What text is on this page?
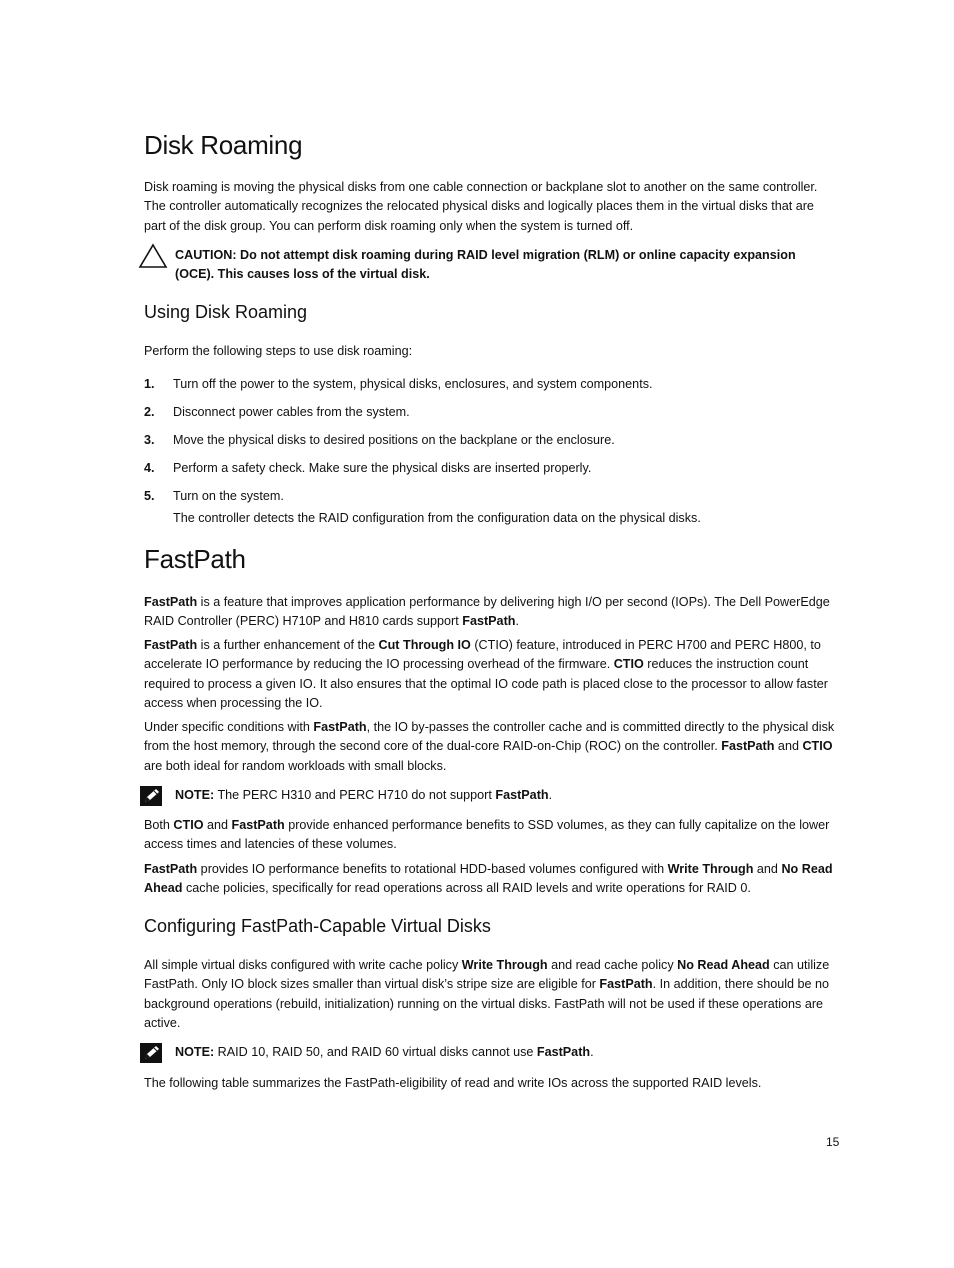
Disk Roaming

Disk roaming is moving the physical disks from one cable connection or backplane slot to another on the same controller. The controller automatically recognizes the relocated physical disks and logically places them in the virtual disks that are part of the disk group. You can perform disk roaming only when the system is turned off.

CAUTION: Do not attempt disk roaming during RAID level migration (RLM) or online capacity expansion (OCE). This causes loss of the virtual disk.
Using Disk Roaming

Perform the following steps to use disk roaming:

1. Turn off the power to the system, physical disks, enclosures, and system components.
2. Disconnect power cables from the system.
3. Move the physical disks to desired positions on the backplane or the enclosure.
4. Perform a safety check. Make sure the physical disks are inserted properly.
5. Turn on the system.
The controller detects the RAID configuration from the configuration data on the physical disks.
FastPath

FastPath is a feature that improves application performance by delivering high I/O per second (IOPs). The Dell PowerEdge RAID Controller (PERC) H710P and H810 cards support FastPath.

FastPath is a further enhancement of the Cut Through IO (CTIO) feature, introduced in PERC H700 and PERC H800, to accelerate IO performance by reducing the IO processing overhead of the firmware. CTIO reduces the instruction count required to process a given IO. It also ensures that the optimal IO code path is placed close to the processor to allow faster access when processing the IO.

Under specific conditions with FastPath, the IO by-passes the controller cache and is committed directly to the physical disk from the host memory, through the second core of the dual-core RAID-on-Chip (ROC) on the controller. FastPath and CTIO are both ideal for random workloads with small blocks.

NOTE: The PERC H310 and PERC H710 do not support FastPath.

Both CTIO and FastPath provide enhanced performance benefits to SSD volumes, as they can fully capitalize on the lower access times and latencies of these volumes.

FastPath provides IO performance benefits to rotational HDD-based volumes configured with Write Through and No Read Ahead cache policies, specifically for read operations across all RAID levels and write operations for RAID 0.

Configuring FastPath-Capable Virtual Disks

All simple virtual disks configured with write cache policy Write Through and read cache policy No Read Ahead can utilize FastPath. Only IO block sizes smaller than virtual disk’s stripe size are eligible for FastPath. In addition, there should be no background operations (rebuild, initialization) running on the virtual disks. FastPath will not be used if these operations are active.

NOTE: RAID 10, RAID 50, and RAID 60 virtual disks cannot use FastPath.

The following table summarizes the FastPath-eligibility of read and write IOs across the supported RAID levels.

15
